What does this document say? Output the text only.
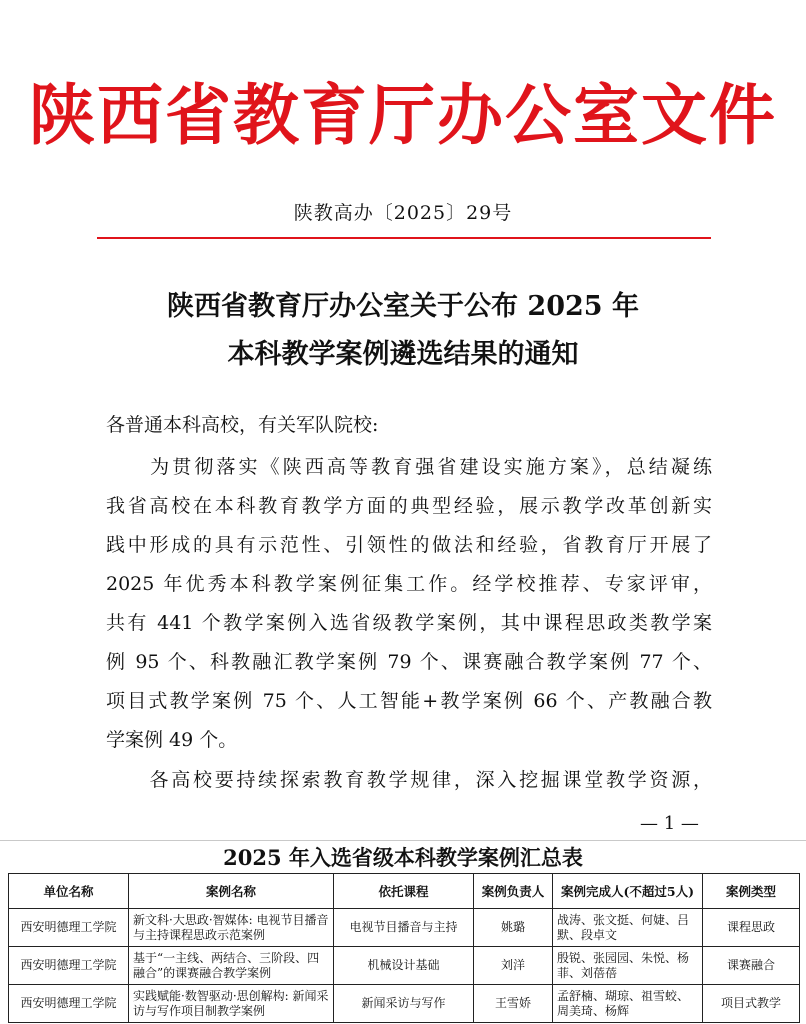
陕西省教育厅办公室文件
陕教高办〔2025〕29号
陕西省教育厅办公室关于公布 2025 年
本科教学案例遴选结果的通知
各普通本科高校，有关军队院校:
　　为贯彻落实《陕西高等教育强省建设实施方案》，总结凝练
我省高校在本科教育教学方面的典型经验，展示教学改革创新实
践中形成的具有示范性、引领性的做法和经验，省教育厅开展了
2025 年优秀本科教学案例征集工作。经学校推荐、专家评审，
共有 441 个教学案例入选省级教学案例，其中课程思政类教学案
例 95 个、科教融汇教学案例 79 个、课赛融合教学案例 77 个、
项目式教学案例 75 个、人工智能+教学案例 66 个、产教融合教
学案例 49 个。
　　各高校要持续探索教育教学规律，深入挖掘课堂教学资源，
— 1 —
2025 年入选省级本科教学案例汇总表
单位名称	案例名称	依托课程	案例负责人	案例完成人(不超过5人)	案例类型
西安明德理工学院	新文科·大思政·智媒体: 电视节目播音与主持课程思政示范案例	电视节目播音与主持	姚璐	战涛、张文挺、何婕、吕默、段卓文	课程思政
西安明德理工学院	基于“一主线、两结合、三阶段、四融合”的课赛融合教学案例	机械设计基础	刘洋	殷锐、张园园、朱悦、杨菲、刘蓓蓓	课赛融合
西安明德理工学院	实践赋能·数智驱动·思创解构: 新闻采访与写作项目制教学案例	新闻采访与写作	王雪娇	孟舒楠、瑚琼、祖雪蛟、周美琦、杨辉	项目式教学
